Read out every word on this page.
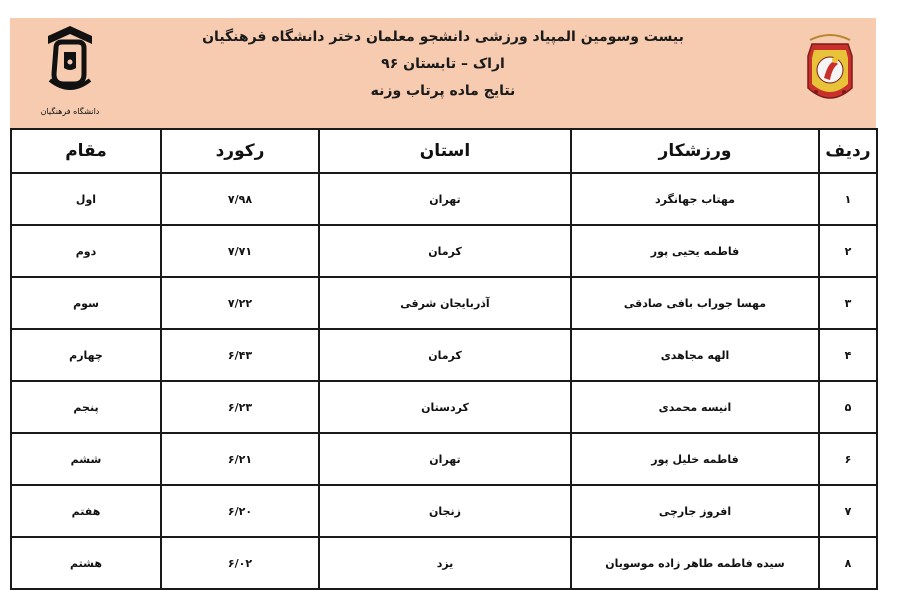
بیست وسومین المپیاد ورزشی دانشجو معلمان دختر دانشگاه فرهنگیان
اراک – تابستان ۹۶
نتایج ماده پرتاب وزنه
دانشگاه فرهنگیان
ردیف	ورزشکار	استان	رکورد	مقام
۱	مهتاب جهانگرد	تهران	۷/۹۸	اول
۲	فاطمه یحیی پور	کرمان	۷/۷۱	دوم
۳	مهسا جوراب بافی صادقی	آذربایجان شرقی	۷/۲۲	سوم
۴	الهه مجاهدی	کرمان	۶/۴۳	چهارم
۵	انیسه محمدی	کردستان	۶/۲۳	پنجم
۶	فاطمه خلیل پور	تهران	۶/۲۱	ششم
۷	افروز جارچی	زنجان	۶/۲۰	هفتم
۸	سیده فاطمه طاهر زاده موسویان	یزد	۶/۰۲	هشتم
